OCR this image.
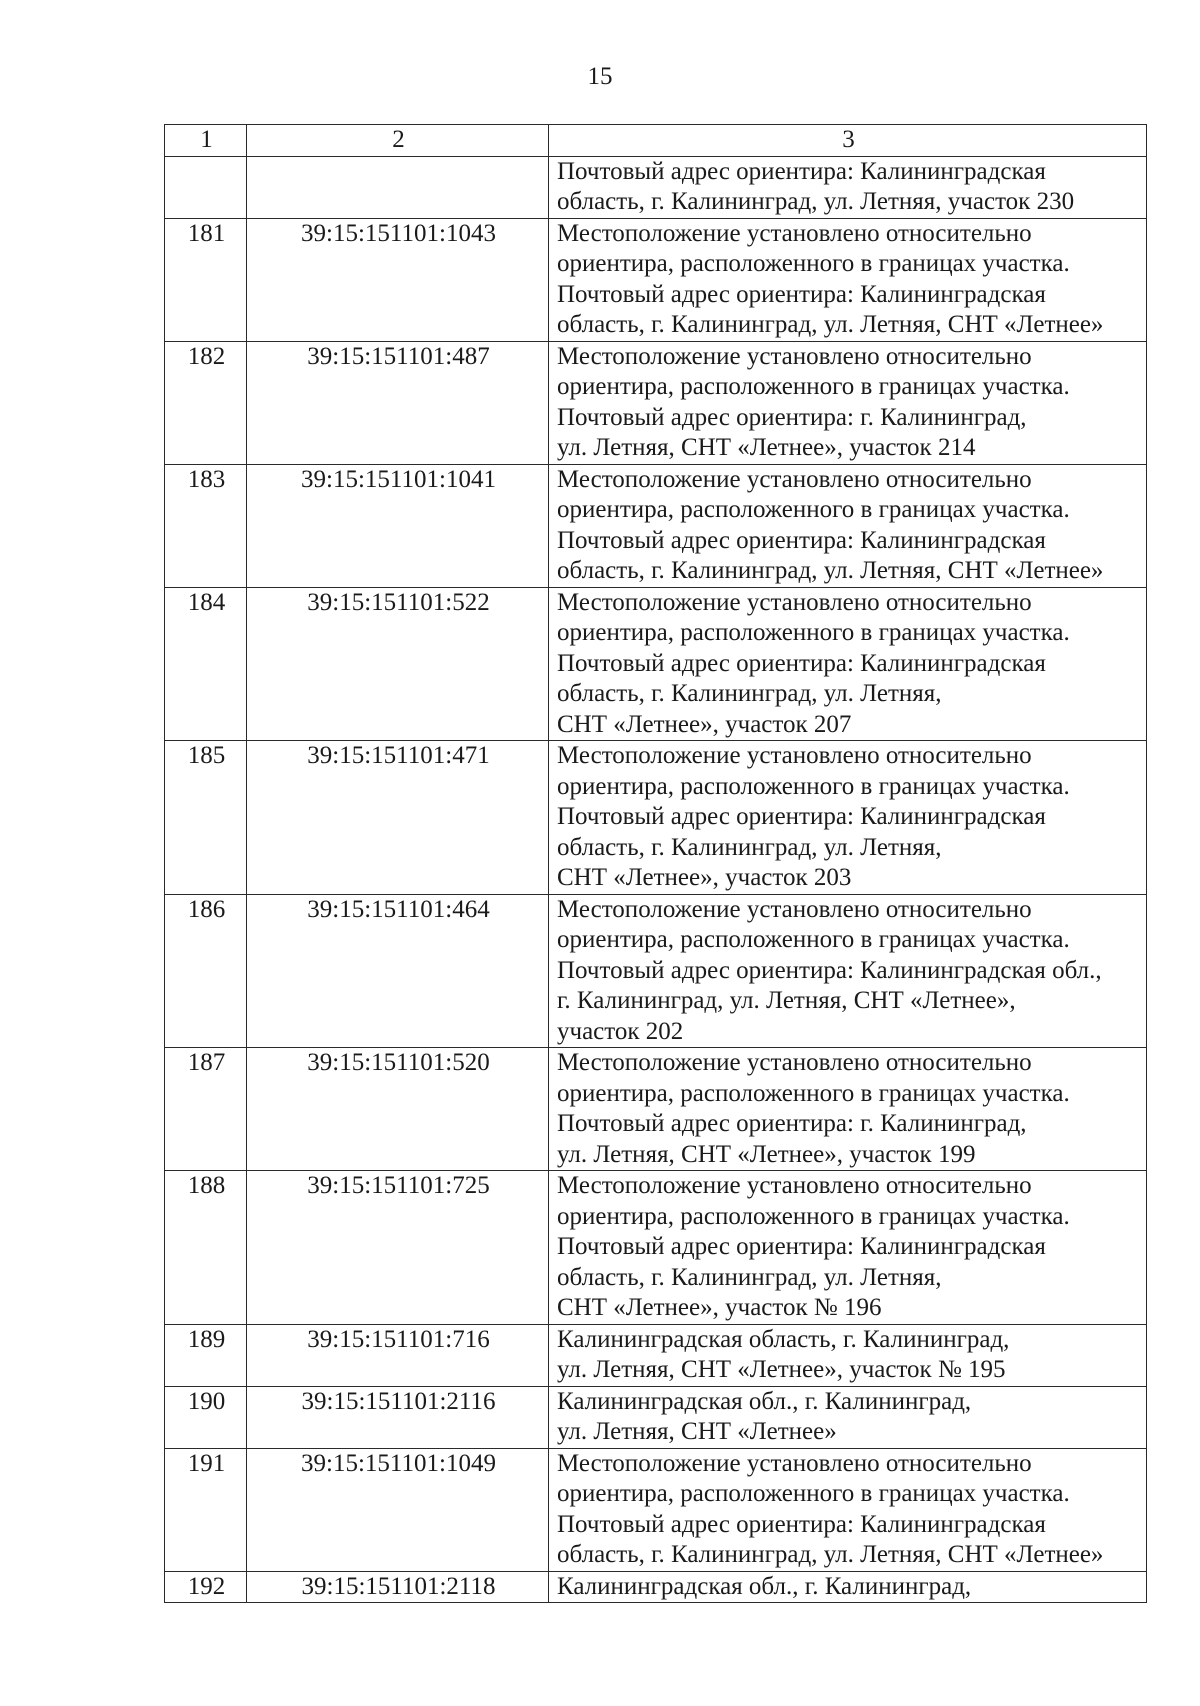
15
1	2	3

		Почтовый адрес ориентира: Калининградская
область, г. Калининград, ул. Летняя, участок 230

181	39:15:151101:1043	Местоположение установлено относительно
ориентира, расположенного в границах участка.
Почтовый адрес ориентира: Калининградская
область, г. Калининград, ул. Летняя, СНТ «Летнее»

182	39:15:151101:487	Местоположение установлено относительно
ориентира, расположенного в границах участка.
Почтовый адрес ориентира: г. Калининград,
ул. Летняя, СНТ «Летнее», участок 214

183	39:15:151101:1041	Местоположение установлено относительно
ориентира, расположенного в границах участка.
Почтовый адрес ориентира: Калининградская
область, г. Калининград, ул. Летняя, СНТ «Летнее»

184	39:15:151101:522	Местоположение установлено относительно
ориентира, расположенного в границах участка.
Почтовый адрес ориентира: Калининградская
область, г. Калининград, ул. Летняя,
СНТ «Летнее», участок 207

185	39:15:151101:471	Местоположение установлено относительно
ориентира, расположенного в границах участка.
Почтовый адрес ориентира: Калининградская
область, г. Калининград, ул. Летняя,
СНТ «Летнее», участок 203

186	39:15:151101:464	Местоположение установлено относительно
ориентира, расположенного в границах участка.
Почтовый адрес ориентира: Калининградская обл.,
г. Калининград, ул. Летняя, СНТ «Летнее»,
участок 202

187	39:15:151101:520	Местоположение установлено относительно
ориентира, расположенного в границах участка.
Почтовый адрес ориентира: г. Калининград,
ул. Летняя, СНТ «Летнее», участок 199

188	39:15:151101:725	Местоположение установлено относительно
ориентира, расположенного в границах участка.
Почтовый адрес ориентира: Калининградская
область, г. Калининград, ул. Летняя,
СНТ «Летнее», участок № 196

189	39:15:151101:716	Калининградская область, г. Калининград,
ул. Летняя, СНТ «Летнее», участок № 195

190	39:15:151101:2116	Калининградская обл., г. Калининград,
ул. Летняя, СНТ «Летнее»

191	39:15:151101:1049	Местоположение установлено относительно
ориентира, расположенного в границах участка.
Почтовый адрес ориентира: Калининградская
область, г. Калининград, ул. Летняя, СНТ «Летнее»

192	39:15:151101:2118	Калининградская обл., г. Калининград,
